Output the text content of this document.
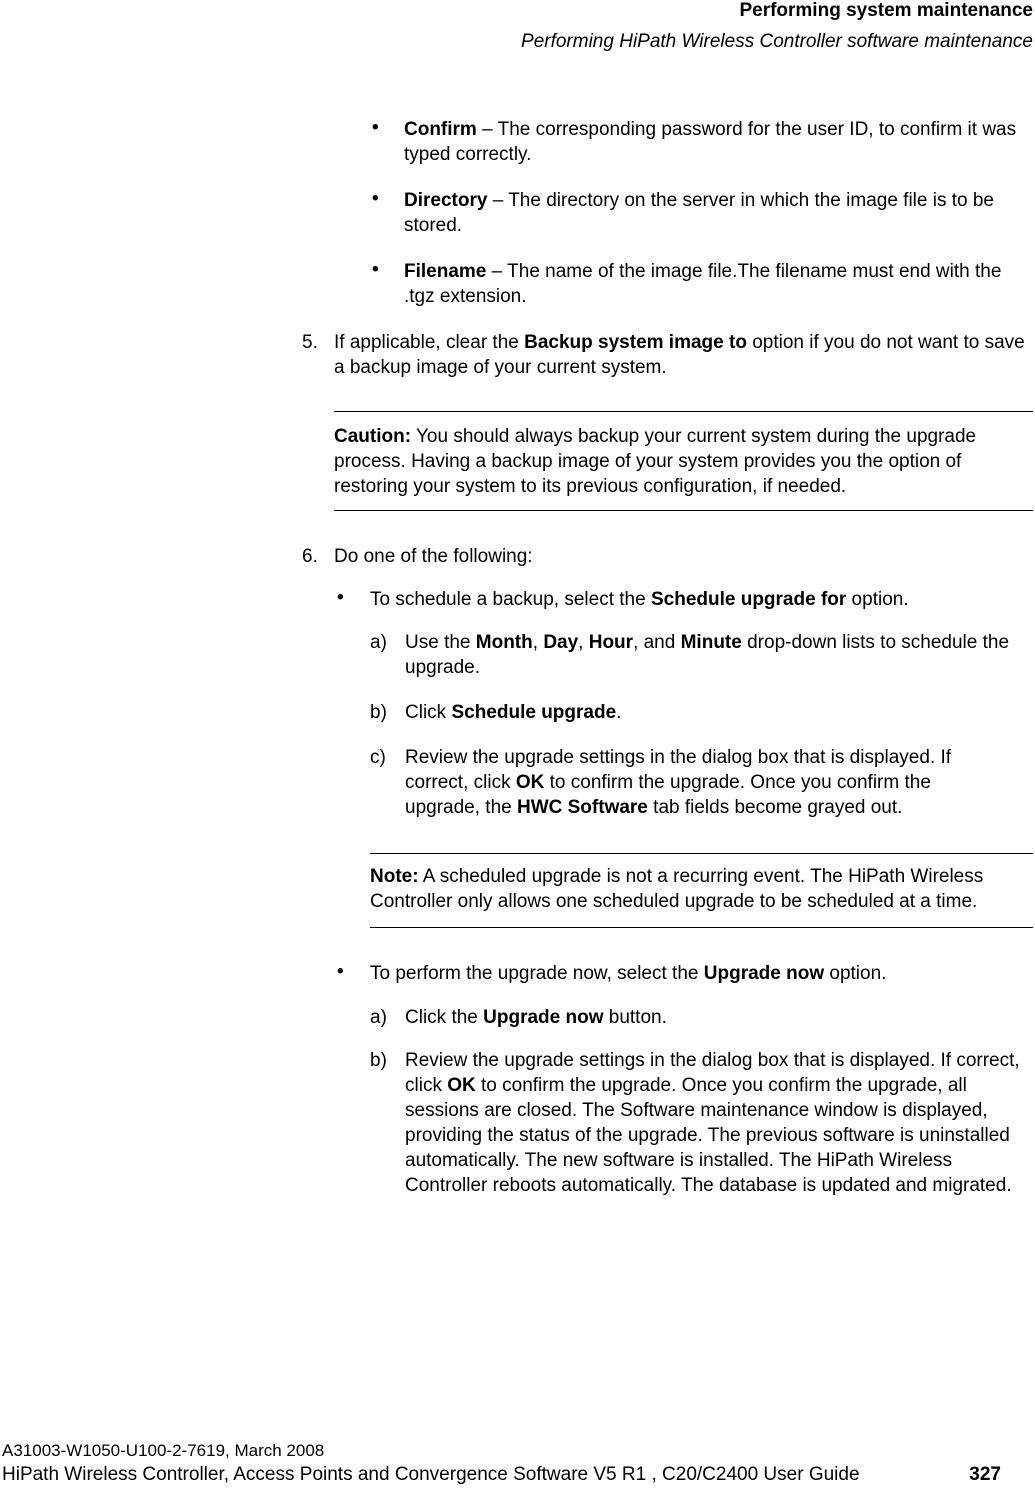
Performing system maintenance
Performing HiPath Wireless Controller software maintenance
• Confirm – The corresponding password for the user ID, to confirm it was typed correctly.
• Directory – The directory on the server in which the image file is to be stored.
• Filename – The name of the image file.The filename must end with the .tgz extension.
5. If applicable, clear the Backup system image to option if you do not want to save a backup image of your current system.
Caution: You should always backup your current system during the upgrade process. Having a backup image of your system provides you the option of restoring your system to its previous configuration, if needed.
6. Do one of the following:
• To schedule a backup, select the Schedule upgrade for option.
a) Use the Month, Day, Hour, and Minute drop-down lists to schedule the upgrade.
b) Click Schedule upgrade.
c) Review the upgrade settings in the dialog box that is displayed. If correct, click OK to confirm the upgrade. Once you confirm the upgrade, the HWC Software tab fields become grayed out.
Note: A scheduled upgrade is not a recurring event. The HiPath Wireless Controller only allows one scheduled upgrade to be scheduled at a time.
• To perform the upgrade now, select the Upgrade now option.
a) Click the Upgrade now button.
b) Review the upgrade settings in the dialog box that is displayed. If correct, click OK to confirm the upgrade. Once you confirm the upgrade, all sessions are closed. The Software maintenance window is displayed, providing the status of the upgrade. The previous software is uninstalled automatically. The new software is installed. The HiPath Wireless Controller reboots automatically. The database is updated and migrated.
A31003-W1050-U100-2-7619, March 2008
HiPath Wireless Controller, Access Points and Convergence Software V5 R1 , C20/C2400 User Guide	327
